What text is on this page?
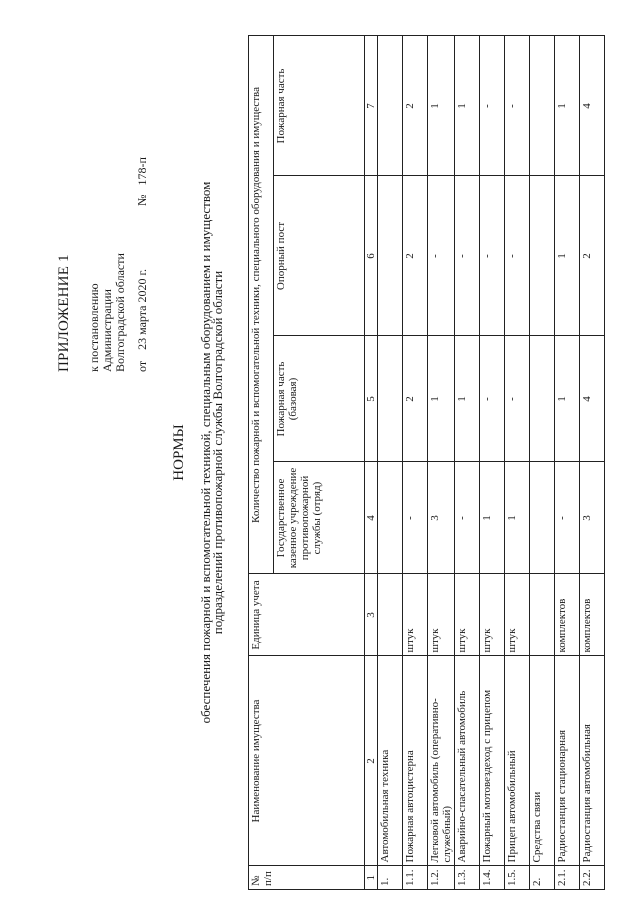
ПРИЛОЖЕНИЕ 1 к постановлению Администрации Волгоградской области от 23 марта 2020 г. № 178-п
НОРМЫ обеспечения пожарной и вспомогательной техникой, специальным оборудованием и имуществом
подразделений противопожарной службы Волгоградской области
№ п/п	Наименование имущества	Единица учета	Количество пожарной и вспомогательной техники, специального оборудования и имущества			
			Государственное казенное учреждение противопожарной службы (отряд)	Пожарная часть (базовая)	Опорный пост	Пожарная часть
1	2	3	4	5	6	7
1.	Автомобильная техника					
1.1.	Пожарная автоцистерна	штук	-	2	2	2
1.2.	Легковой автомобиль (оперативно-служебный)	штук	3	1	-	1
1.3.	Аварийно-спасательный автомобиль	штук	-	1	-	1
1.4.	Пожарный мотовездеход с прицепом	штук	1	-	-	-
1.5.	Прицеп автомобильный	штук	1	-	-	-
2.	Средства связи					
2.1.	Радиостанция стационарная	комплектов	-	1	1	1
2.2.	Радиостанция автомобильная	комплектов	3	4	2	4
